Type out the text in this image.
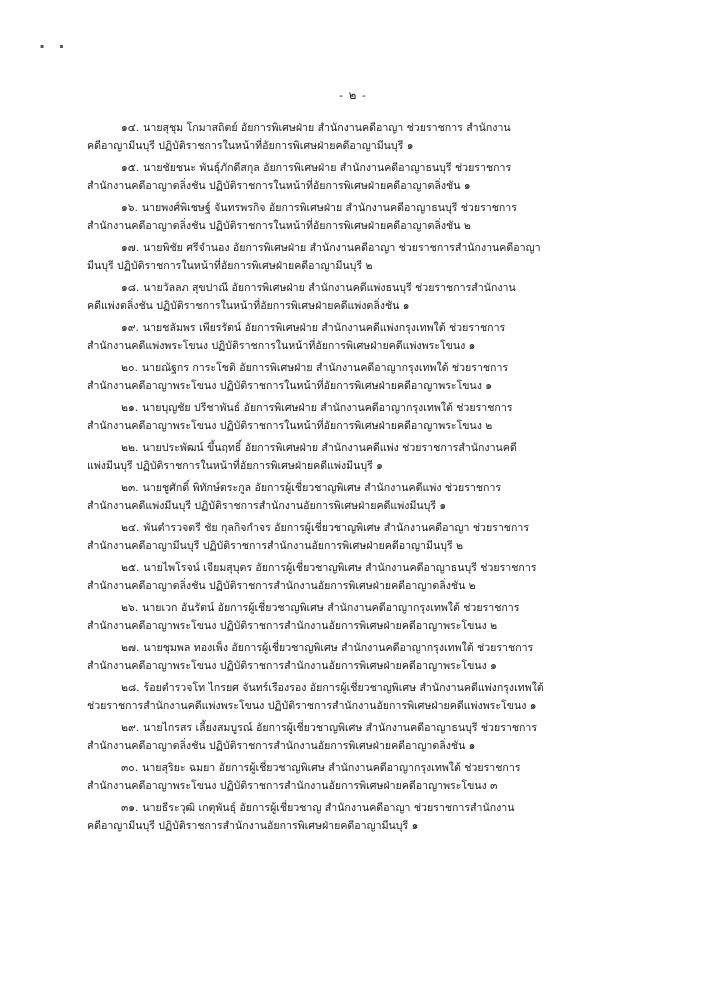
▪        ▪
- ๒ -
๑๔. นายสุชุม โกมาสถิตย์ อัยการพิเศษฝ่าย สำนักงานคดีอาญา ช่วยราชการ สำนักงาน
คดีอาญามีนบุรี ปฏิบัติราชการในหน้าที่อัยการพิเศษฝ่ายคดีอาญามีนบุรี ๑
๑๕. นายชัยชนะ พันธุ์ภักดีสกุล อัยการพิเศษฝ่าย สำนักงานคดีอาญาธนบุรี ช่วยราชการ
สำนักงานคดีอาญาตลิ่งชัน ปฏิบัติราชการในหน้าที่อัยการพิเศษฝ่ายคดีอาญาตลิ่งชัน ๑
๑๖. นายพงศ์พิเชษฐ์ จันทรพรกิจ อัยการพิเศษฝ่าย สำนักงานคดีอาญาธนบุรี ช่วยราชการ
สำนักงานคดีอาญาตลิ่งชัน ปฏิบัติราชการในหน้าที่อัยการพิเศษฝ่ายคดีอาญาตลิ่งชัน ๒
๑๗. นายพิชัย ศรีจำนอง อัยการพิเศษฝ่าย สำนักงานคดีอาญา ช่วยราชการสำนักงานคดีอาญา
มีนบุรี ปฏิบัติราชการในหน้าที่อัยการพิเศษฝ่ายคดีอาญามีนบุรี ๒
๑๘. นายวัลลภ สุขปาณี อัยการพิเศษฝ่าย สำนักงานคดีแพ่งธนบุรี ช่วยราชการสำนักงาน
คดีแพ่งตลิ่งชัน ปฏิบัติราชการในหน้าที่อัยการพิเศษฝ่ายคดีแพ่งตลิ่งชัน ๑
๑๙. นายชลัมพร เพียรรัตน์ อัยการพิเศษฝ่าย สำนักงานคดีแพ่งกรุงเทพใต้ ช่วยราชการ
สำนักงานคดีแพ่งพระโขนง ปฏิบัติราชการในหน้าที่อัยการพิเศษฝ่ายคดีแพ่งพระโขนง ๑
๒๐. นายณัฐกร การะโชติ อัยการพิเศษฝ่าย สำนักงานคดีอาญากรุงเทพใต้ ช่วยราชการ
สำนักงานคดีอาญาพระโขนง ปฏิบัติราชการในหน้าที่อัยการพิเศษฝ่ายคดีอาญาพระโขนง ๑
๒๑. นายบุญชัย ปรีชาพันธ์ อัยการพิเศษฝ่าย สำนักงานคดีอาญากรุงเทพใต้ ช่วยราชการ
สำนักงานคดีอาญาพระโขนง ปฏิบัติราชการในหน้าที่อัยการพิเศษฝ่ายคดีอาญาพระโขนง ๒
๒๒. นายประพัฒน์ ขึ้นฤทธิ์ อัยการพิเศษฝ่าย สำนักงานคดีแพ่ง ช่วยราชการสำนักงานคดี
แพ่งมีนบุรี ปฏิบัติราชการในหน้าที่อัยการพิเศษฝ่ายคดีแพ่งมีนบุรี ๑
๒๓. นายชูศักดิ์ พิทักษ์ตระกูล อัยการผู้เชี่ยวชาญพิเศษ สำนักงานคดีแพ่ง ช่วยราชการ
สำนักงานคดีแพ่งมีนบุรี ปฏิบัติราชการสำนักงานอัยการพิเศษฝ่ายคดีแพ่งมีนบุรี ๑
๒๔. พันตำรวจตรี ชัย กุลกิจกำจร อัยการผู้เชี่ยวชาญพิเศษ สำนักงานคดีอาญา ช่วยราชการ
สำนักงานคดีอาญามีนบุรี ปฏิบัติราชการสำนักงานอัยการพิเศษฝ่ายคดีอาญามีนบุรี ๒
๒๕. นายไพโรจน์ เจียมสุบุตร อัยการผู้เชี่ยวชาญพิเศษ สำนักงานคดีอาญาธนบุรี ช่วยราชการ
สำนักงานคดีอาญาตลิ่งชัน ปฏิบัติราชการสำนักงานอัยการพิเศษฝ่ายคดีอาญาตลิ่งชัน ๒
๒๖. นายเวก อันรัตน์ อัยการผู้เชี่ยวชาญพิเศษ สำนักงานคดีอาญากรุงเทพใต้ ช่วยราชการ
สำนักงานคดีอาญาพระโขนง ปฏิบัติราชการสำนักงานอัยการพิเศษฝ่ายคดีอาญาพระโขนง ๒
๒๗. นายชุมพล ทองเพ็ง อัยการผู้เชี่ยวชาญพิเศษ สำนักงานคดีอาญากรุงเทพใต้ ช่วยราชการ
สำนักงานคดีอาญาพระโขนง ปฏิบัติราชการสำนักงานอัยการพิเศษฝ่ายคดีอาญาพระโขนง ๑
๒๘. ร้อยตำรวจโท ไกรยศ จันทร์เรืองรอง อัยการผู้เชี่ยวชาญพิเศษ สำนักงานคดีแพ่งกรุงเทพใต้
ช่วยราชการสำนักงานคดีแพ่งพระโขนง ปฏิบัติราชการสำนักงานอัยการพิเศษฝ่ายคดีแพ่งพระโขนง ๑
๒๙. นายไกรสร เลี้ยงสมบูรณ์ อัยการผู้เชี่ยวชาญพิเศษ สำนักงานคดีอาญาธนบุรี ช่วยราชการ
สำนักงานคดีอาญาตลิ่งชัน ปฏิบัติราชการสำนักงานอัยการพิเศษฝ่ายคดีอาญาตลิ่งชัน ๑
๓๐. นายสุริยะ ฉมยา อัยการผู้เชี่ยวชาญพิเศษ สำนักงานคดีอาญากรุงเทพใต้ ช่วยราชการ
สำนักงานคดีอาญาพระโขนง ปฏิบัติราชการสำนักงานอัยการพิเศษฝ่ายคดีอาญาพระโขนง ๓
๓๑. นายธีระวุฒิ เกตุพันธุ์ อัยการผู้เชี่ยวชาญ สำนักงานคดีอาญา ช่วยราชการสำนักงาน
คดีอาญามีนบุรี ปฏิบัติราชการสำนักงานอัยการพิเศษฝ่ายคดีอาญามีนบุรี ๑
